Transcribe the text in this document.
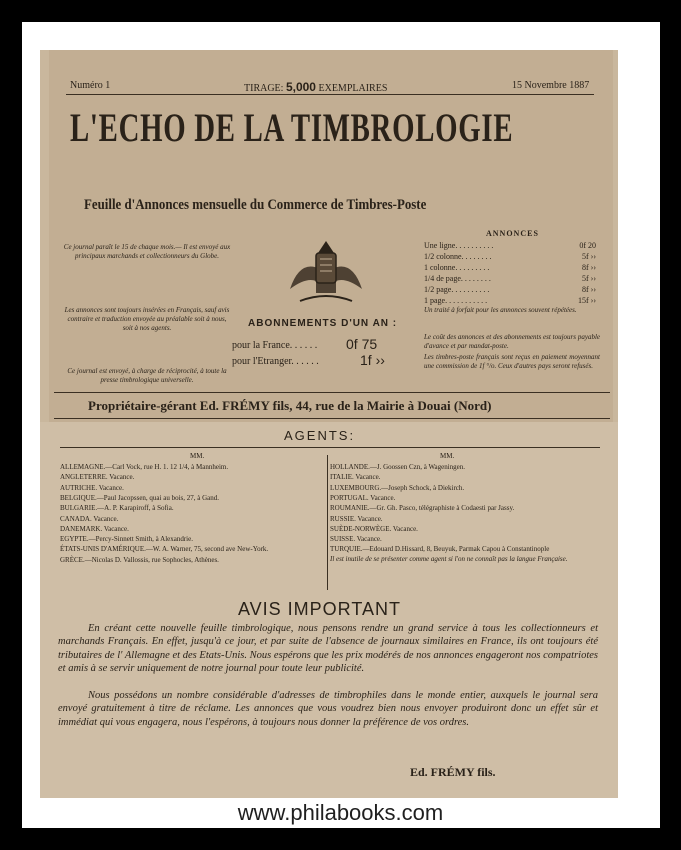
Numéro 1	TIRAGE: 5,000 EXEMPLAIRES	15 Novembre 1887
L'ECHO DE LA TIMBROLOGIE
Feuille d'Annonces mensuelle du Commerce de Timbres-Poste
Ce journal paraît le 15 de chaque mois.— Il est envoyé aux principaux marchands et collectionneurs du Globe.
Les annonces sont toujours insérées en Français, sauf avis contraire et traduction envoyée au préalable soit à nous, soit à nos agents.
Ce journal est envoyé, à charge de réciprocité, à toute la presse timbrologique universelle.
ANNONCES
Une ligne. . . . . . . . . .	0f 20
1/2 colonne. . . . . . . .	5f ››
1 colonne. . . . . . . . .	8f ››
1/4 de page. . . . . . . .	5f ››
1/2 page. . . . . . . . . .	8f ››
1 page. . . . . . . . . . .	15f ››
Un traité à forfait pour les annonces souvent répétées.
Le coût des annonces et des abonnements est toujours payable d'avance et par mandat-poste.
Les timbres-poste français sont reçus en paiement moyennant une commission de 1f °/o. Ceux d'autres pays seront refusés.
ABONNEMENTS D'UN AN :
pour la France. . . . . . 0f 75
pour l'Etranger. . . . . .	1f ››
Propriétaire-gérant Ed. FRÉMY fils, 44, rue de la Mairie à Douai (Nord)
AGENTS:
MM.	MM.
ALLEMAGNE.—Carl Vock, rue H. 1. 12 1/4, à Mannheim.
ANGLETERRE. Vacance.
AUTRICHE. Vacance.
BELGIQUE.—Paul Jacopssen, quai au bois, 27, à Gand.
BULGARIE.—A. P. Karapiroff, à Sofia.
CANADA. Vacance.
DANEMARK. Vacance.
EGYPTE.—Percy-Sinnett Smith, à Alexandrie.
ÉTATS-UNIS D'AMÉRIQUE.—W. A. Warner, 75, second ave New-York.
GRÈCE.—Nicolas D. Vallossis, rue Sophocles, Athènes.
HOLLANDE.—J. Goossen Czn, à Wageningen.
ITALIE. Vacance.
LUXEMBOURG.—Joseph Schock, à Diekirch.
PORTUGAL. Vacance.
ROUMANIE.—Gr. Gh. Pasco, télégraphiste à Codaesti par Jassy.
RUSSIE. Vacance.
SUÈDE-NORWÈGE. Vacance.
SUISSE. Vacance.
TURQUIE.—Edouard D.Hissard, 8, Beuyuk, Parmak Capou à Constantinople
Il est inutile de se présenter comme agent si l'on ne connaît pas la langue Française.
AVIS IMPORTANT
En créant cette nouvelle feuille timbrologique, nous pensons rendre un grand service à tous les collectionneurs et marchands Français. En effet, jusqu'à ce jour, et par suite de l'absence de journaux similaires en France, ils ont toujours été tributaires de l' Allemagne et des Etats-Unis. Nous espérons que les prix modérés de nos annonces engageront nos compatriotes et amis à se servir uniquement de notre journal pour toute leur publicité.
Nous possédons un nombre considérable d'adresses de timbrophiles dans le monde entier, auxquels le journal sera envoyé gratuitement à titre de réclame. Les annonces que vous voudrez bien nous envoyer produiront donc un effet sûr et immédiat qui vous engagera, nous l'espérons, à toujours nous donner la préférence de vos ordres.
Ed. FRÉMY fils.
www.philabooks.com
